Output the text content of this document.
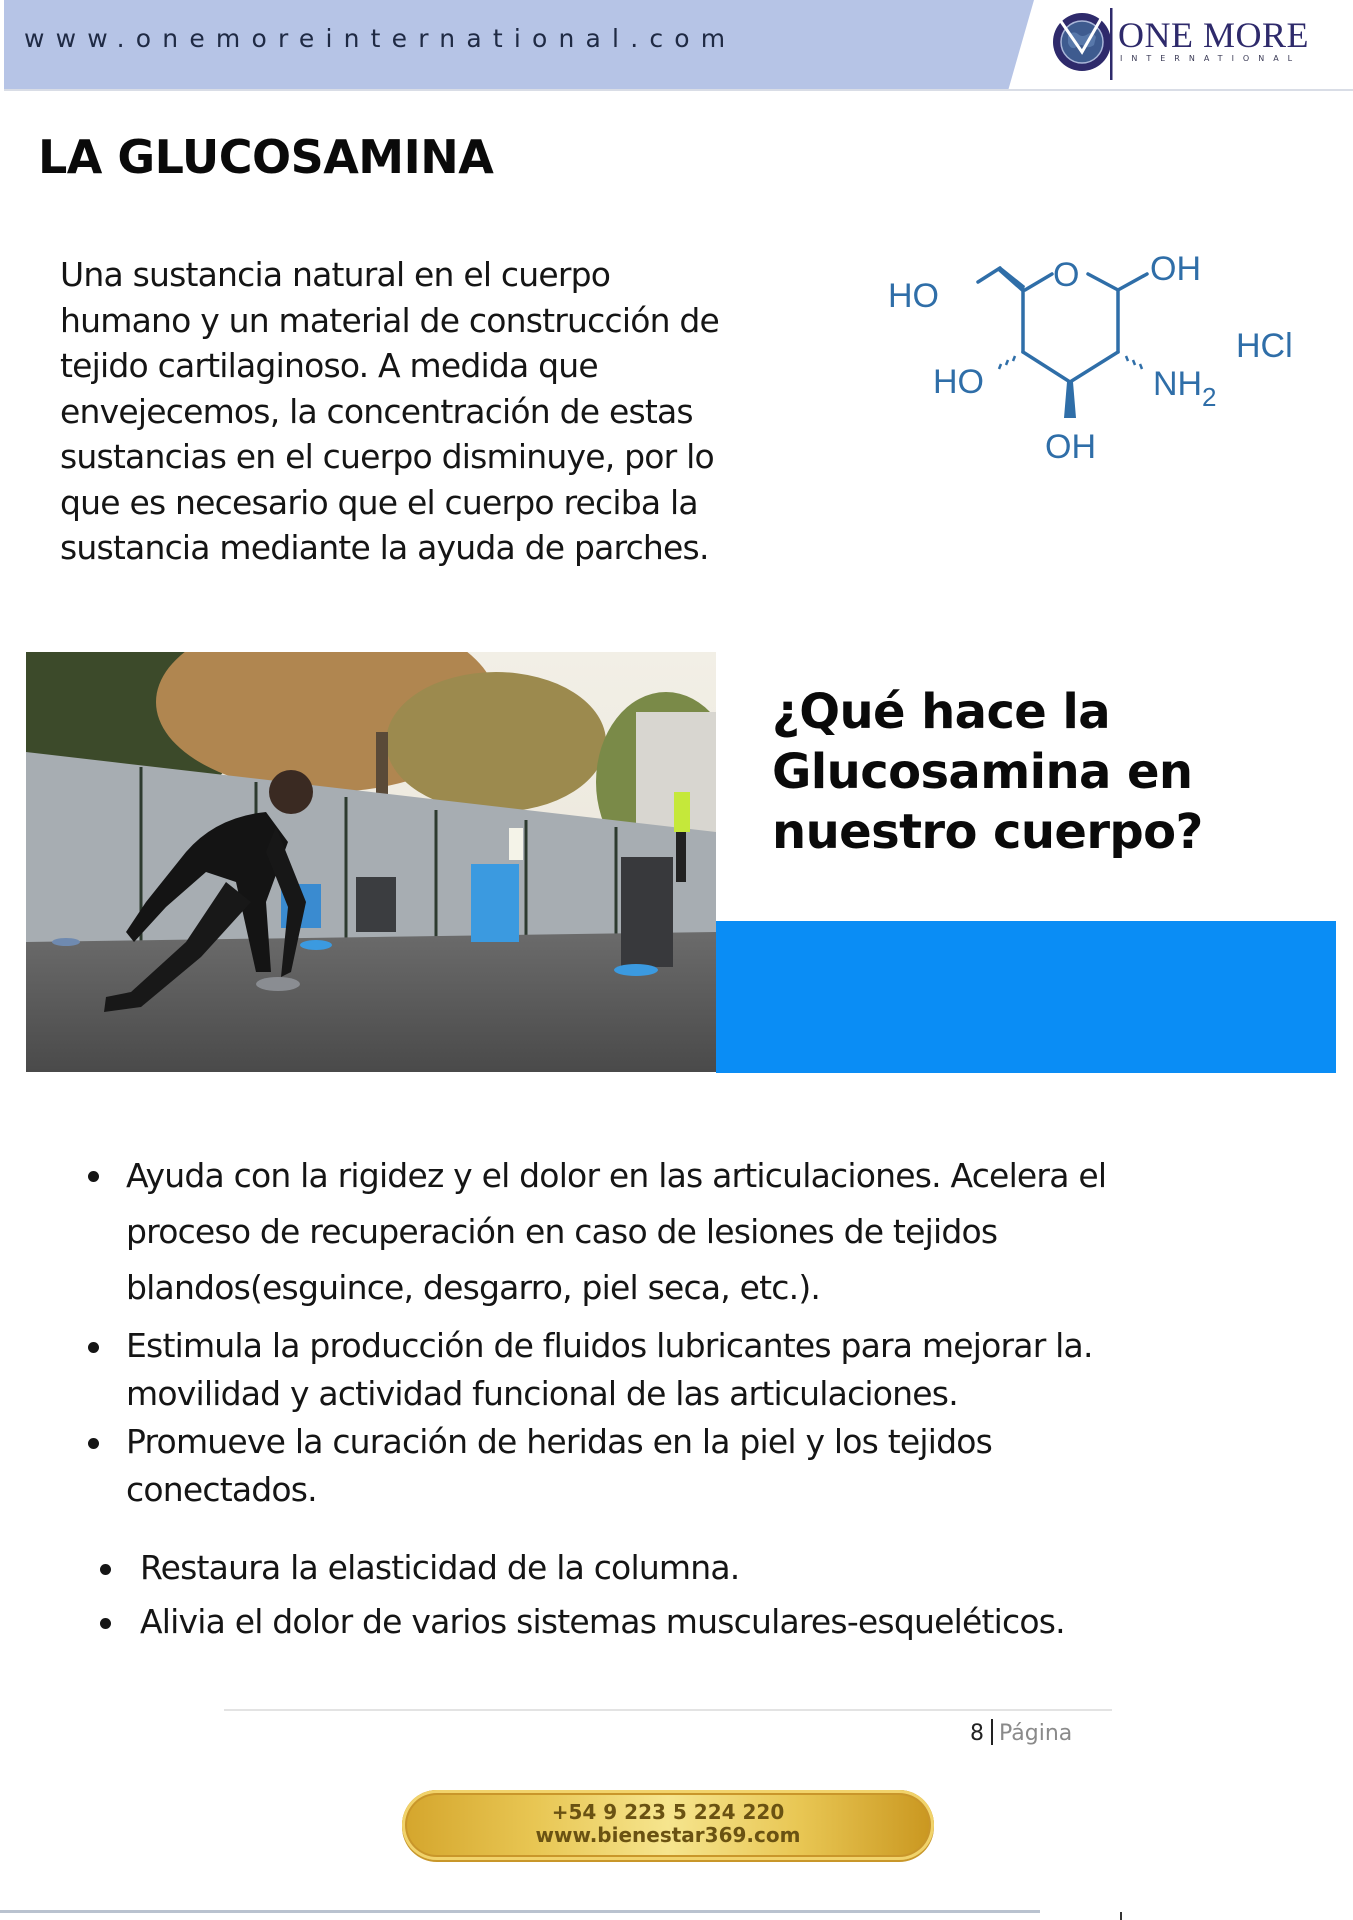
www.onemoreinternational.com	ONE MORE
INTERNATIONAL
LA GLUCOSAMINA
Una sustancia natural en el cuerpo
humano y un material de construcción de
tejido cartilaginoso. A medida que
envejecemos, la concentración de estas
sustancias en el cuerpo disminuye, por lo
que es necesario que el cuerpo reciba la
sustancia mediante la ayuda de parches.
HO
O OH
HCl
HO	NH 2
OH
¿Qué hace la
Glucosamina en
nuestro cuerpo?
Ayuda con la rigidez y el dolor en las articulaciones. Acelera el
proceso de recuperación en caso de lesiones de tejidos
blandos(esguince, desgarro, piel seca, etc.).
Estimula la producción de fluidos lubricantes para mejorar la.
movilidad y actividad funcional de las articulaciones.
Promueve la curación de heridas en la piel y los tejidos
conectados.
Restaura la elasticidad de la columna.
Alivia el dolor de varios sistemas musculares-esqueléticos.
8 Página
+54 9 223 5 224 220
www.bienestar369.com
